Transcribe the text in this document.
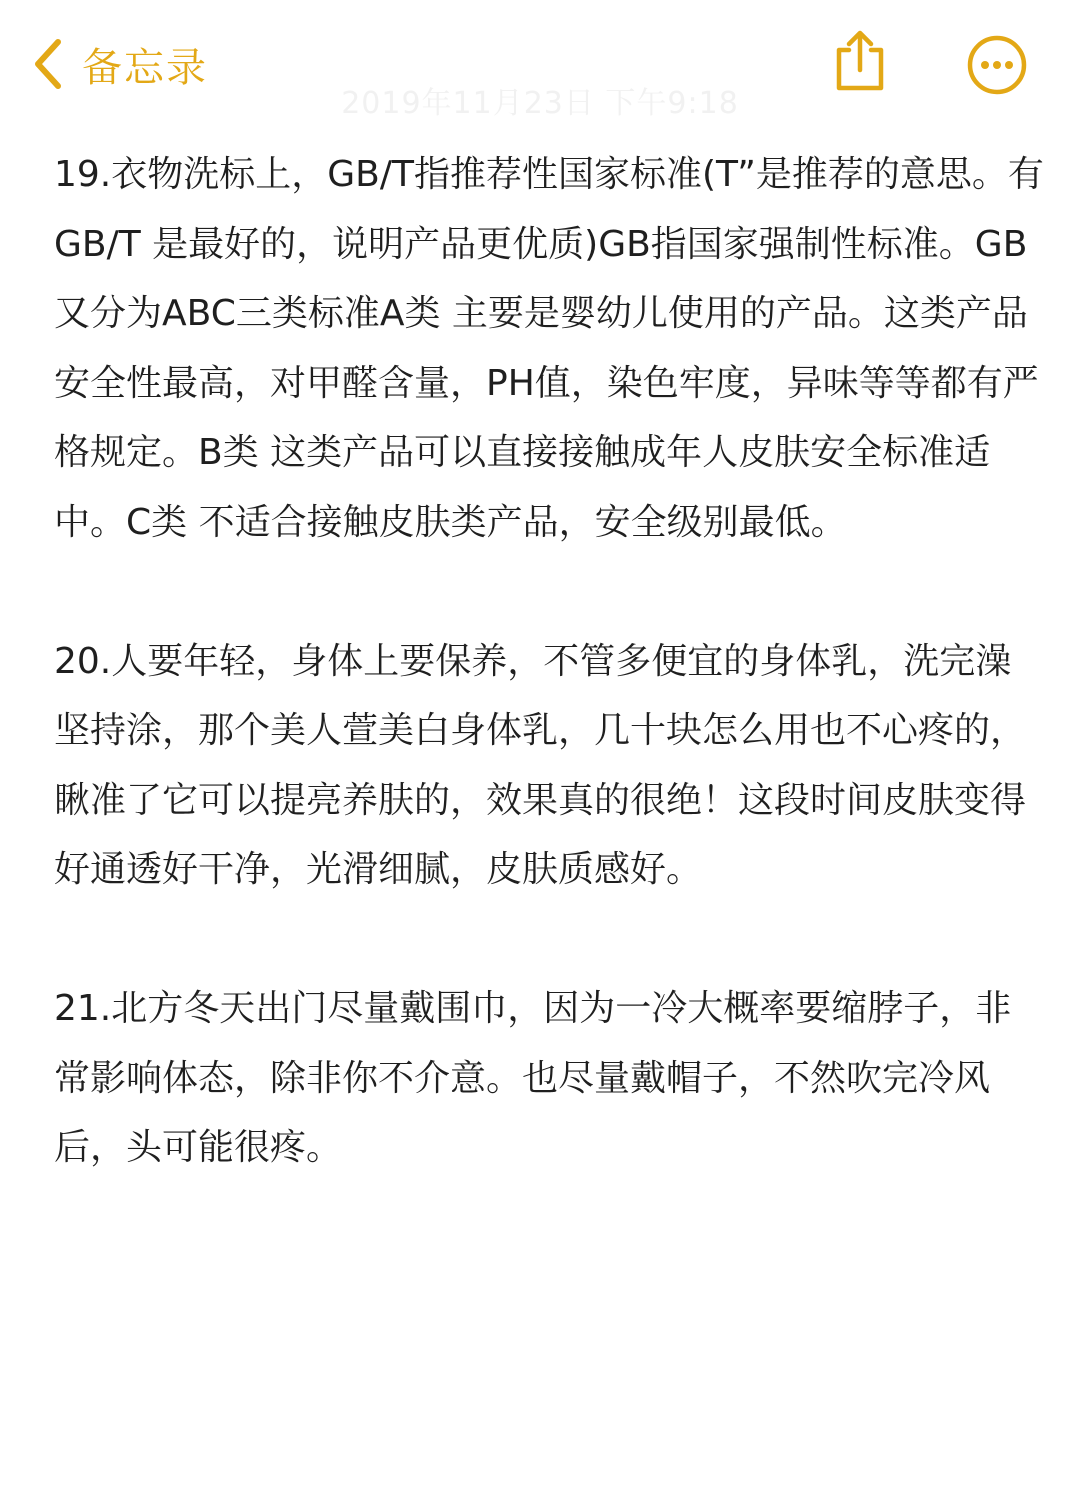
备忘录
2019年11月23日 下午9:18

19.衣物洗标上，GB/T指推荐性国家标准(T”是推荐的意思。有GB/T 是最好的，说明产品更优质)GB指国家强制性标准。GB 又分为ABC三类标准A类 主要是婴幼儿使用的产品。这类产品安全性最高，对甲醛含量，PH值，染色牢度，异味等等都有严格规定。B类 这类产品可以直接接触成年人皮肤安全标准适中。C类 不适合接触皮肤类产品，安全级别最低。

20.人要年轻，身体上要保养，不管多便宜的身体乳，洗完澡坚持涂，那个美人萱美白身体乳，几十块怎么用也不心疼的，瞅准了它可以提亮养肤的，效果真的很绝！这段时间皮肤变得好通透好干净，光滑细腻，皮肤质感好。

21.北方冬天出门尽量戴围巾，因为一冷大概率要缩脖子，非常影响体态，除非你不介意。也尽量戴帽子，不然吹完冷风后，头可能很疼。
